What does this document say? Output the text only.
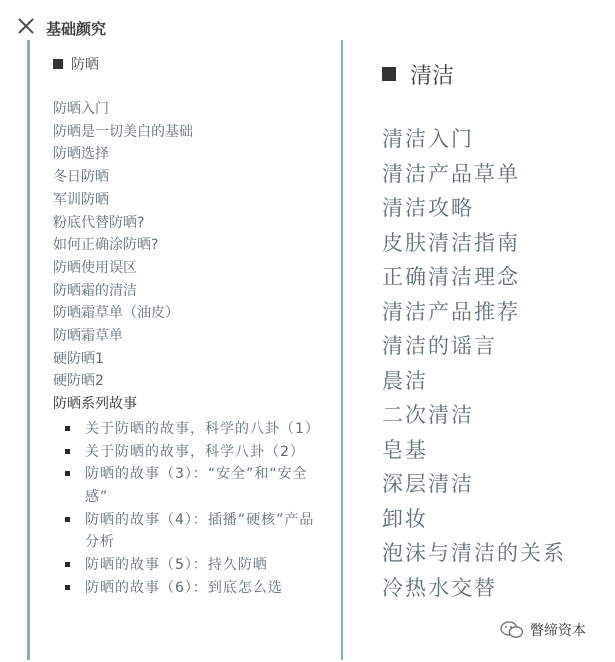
基础颜究
防晒
防晒入门
防晒是一切美白的基础
防晒选择
冬日防晒
军训防晒
粉底代替防晒?
如何正确涂防晒?
防晒使用误区
防晒霜的清洁
防晒霜草单（油皮）
防晒霜草单
硬防晒1
硬防晒2
防晒系列故事
关于防晒的故事，科学的八卦（1）
关于防晒的故事，科学八卦（2）
防晒的故事（3）：“安全”和“安全感”
防晒的故事（4）：插播“硬核”产品分析
防晒的故事（5）：持久防晒
防晒的故事（6）：到底怎么选
清洁
清洁入门
清洁产品草单
清洁攻略
皮肤清洁指南
正确清洁理念
清洁产品推荐
清洁的谣言
晨洁
二次清洁
皂基
深层清洁
卸妆
泡沫与清洁的关系
冷热水交替
瞥缔资本
